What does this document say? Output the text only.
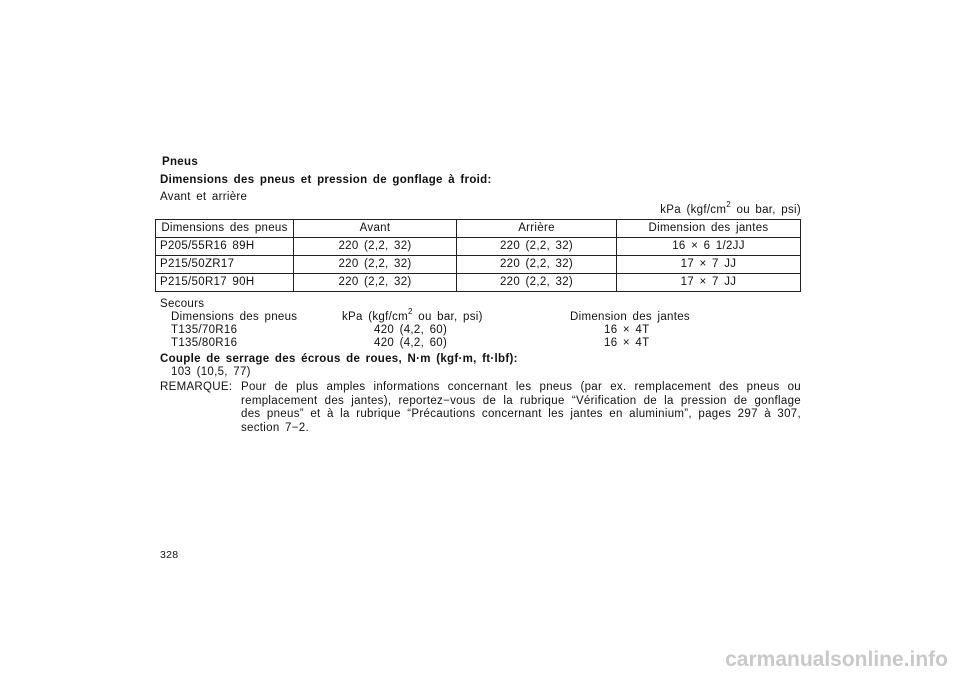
Pneus
Dimensions des pneus et pression de gonflage à froid:
Avant et arrière
kPa ($kgf/cm^2$ ou bar, psi)
Dimensions des pneus	Avant	Arrière	Dimension des jantes
P205/55R16 89H	220 (2,2, 32)	220 (2,2, 32)	16 × 6 1/2JJ
P215/50ZR17	220 (2,2, 32)	220 (2,2, 32)	17 × 7 JJ
P215/50R17 90H	220 (2,2, 32)	220 (2,2, 32)	17 × 7 JJ
Secours
Dimensions des pneus	kPa ($kgf/cm^2$ ou bar, psi)	Dimension des jantes
T135/70R16	420 (4,2, 60)	16 × 4T
T135/80R16	420 (4,2, 60)	16 × 4T
Couple de serrage des écrous de roues, N·m (kgf·m, ft·lbf):
103 (10,5, 77)
REMARQUE: Pour de plus amples informations concernant les pneus (par ex. remplacement des pneus ou remplacement des jantes), reportez−vous de la rubrique “Vérification de la pression de gonflage des pneus” et à la rubrique “Précautions concernant les jantes en aluminium”, pages 297 à 307, section 7−2.
328
carmanualsonline.info
